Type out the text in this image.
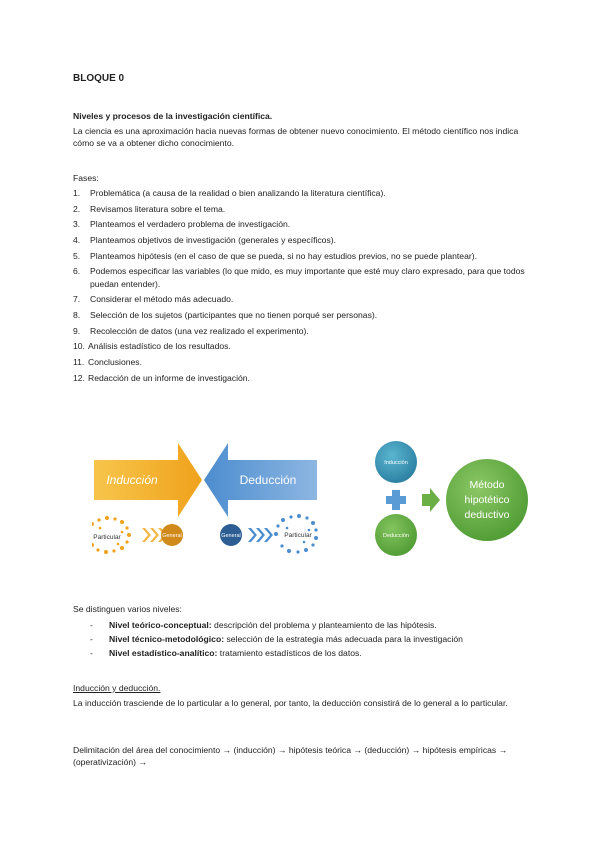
BLOQUE 0
Niveles y procesos de la investigación científica.
La ciencia es una aproximación hacia nuevas formas de obtener nuevo conocimiento. El método científico nos indica cómo se va a obtener dicho conocimiento.
Fases:
1.	Problemática (a causa de la realidad o bien analizando la literatura científica).
2.	Revisamos literatura sobre el tema.
3.	Planteamos el verdadero problema de investigación.
4.	Planteamos objetivos de investigación (generales y específicos).
5.	Planteamos hipótesis (en el caso de que se pueda, si no hay estudios previos, no se puede plantear).
6.	Podemos especificar las variables (lo que mido, es muy importante que esté muy claro expresado, para que todos puedan entender).
7.	Considerar el método más adecuado.
8.	Selección de los sujetos (participantes que no tienen porqué ser personas).
9.	Recolección de datos (una vez realizado el experimento).
10. Análisis estadístico de los resultados.
11. Conclusiones.
12. Redacción de un informe de investigación.
Inducción	Deducción
Particular	General	General	Particular
Inducción
Deducción
Método
hipotético
deductivo
Se distinguen varios niveles:
-	Nivel teórico-conceptual: descripción del problema y planteamiento de las hipótesis.
-	Nivel técnico-metodológico: selección de la estrategia más adecuada para la investigación
-	Nivel estadístico-analítico: tratamiento estadísticos de los datos.
Inducción y deducción.
La inducción trasciende de lo particular a lo general, por tanto, la deducción consistirá de lo general a lo particular.
Delimitación del área del conocimiento → (inducción) → hipótesis teórica → (deducción) → hipótesis empíricas → (operativización) →
